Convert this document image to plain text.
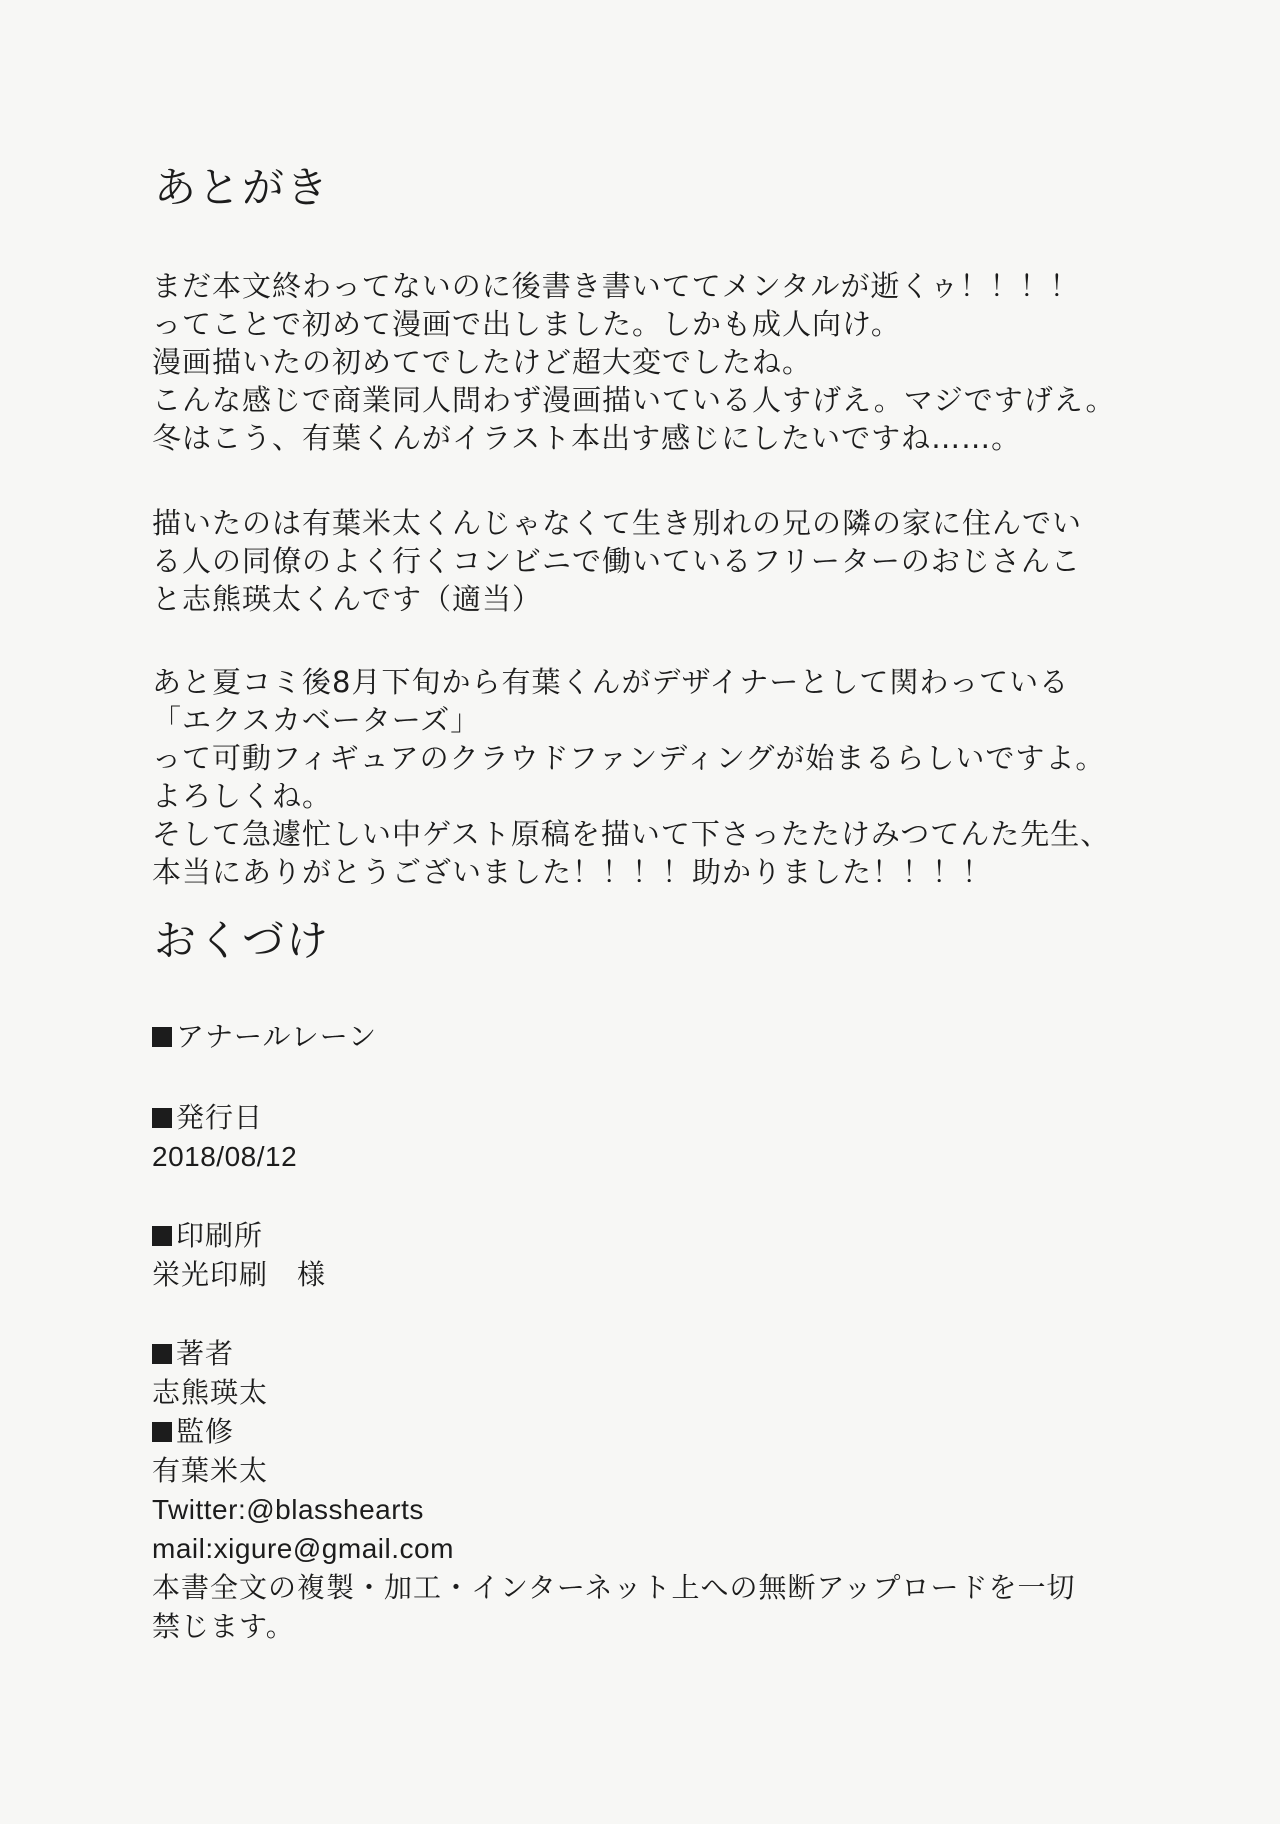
あとがき
まだ本文終わってないのに後書き書いててメンタルが逝くゥ！！！！
ってことで初めて漫画で出しました。しかも成人向け。
漫画描いたの初めてでしたけど超大変でしたね。
こんな感じで商業同人問わず漫画描いている人すげえ。マジですげえ。
冬はこう、有葉くんがイラスト本出す感じにしたいですね……。
描いたのは有葉米太くんじゃなくて生き別れの兄の隣の家に住んでい
る人の同僚のよく行くコンビニで働いているフリーターのおじさんこ
と志熊瑛太くんです（適当）
あと夏コミ後8月下旬から有葉くんがデザイナーとして関わっている
「エクスカベーターズ」
って可動フィギュアのクラウドファンディングが始まるらしいですよ。
よろしくね。
そして急遽忙しい中ゲスト原稿を描いて下さったたけみつてんた先生、
本当にありがとうございました！！！！助かりました！！！！
おくづけ
アナールレーン
発行日
2018/08/12
印刷所
栄光印刷　様
著者
志熊瑛太
監修
有葉米太
Twitter:@blasshearts
mail:xigure@gmail.com
本書全文の複製・加工・インターネット上への無断アップロードを一切
禁じます。
